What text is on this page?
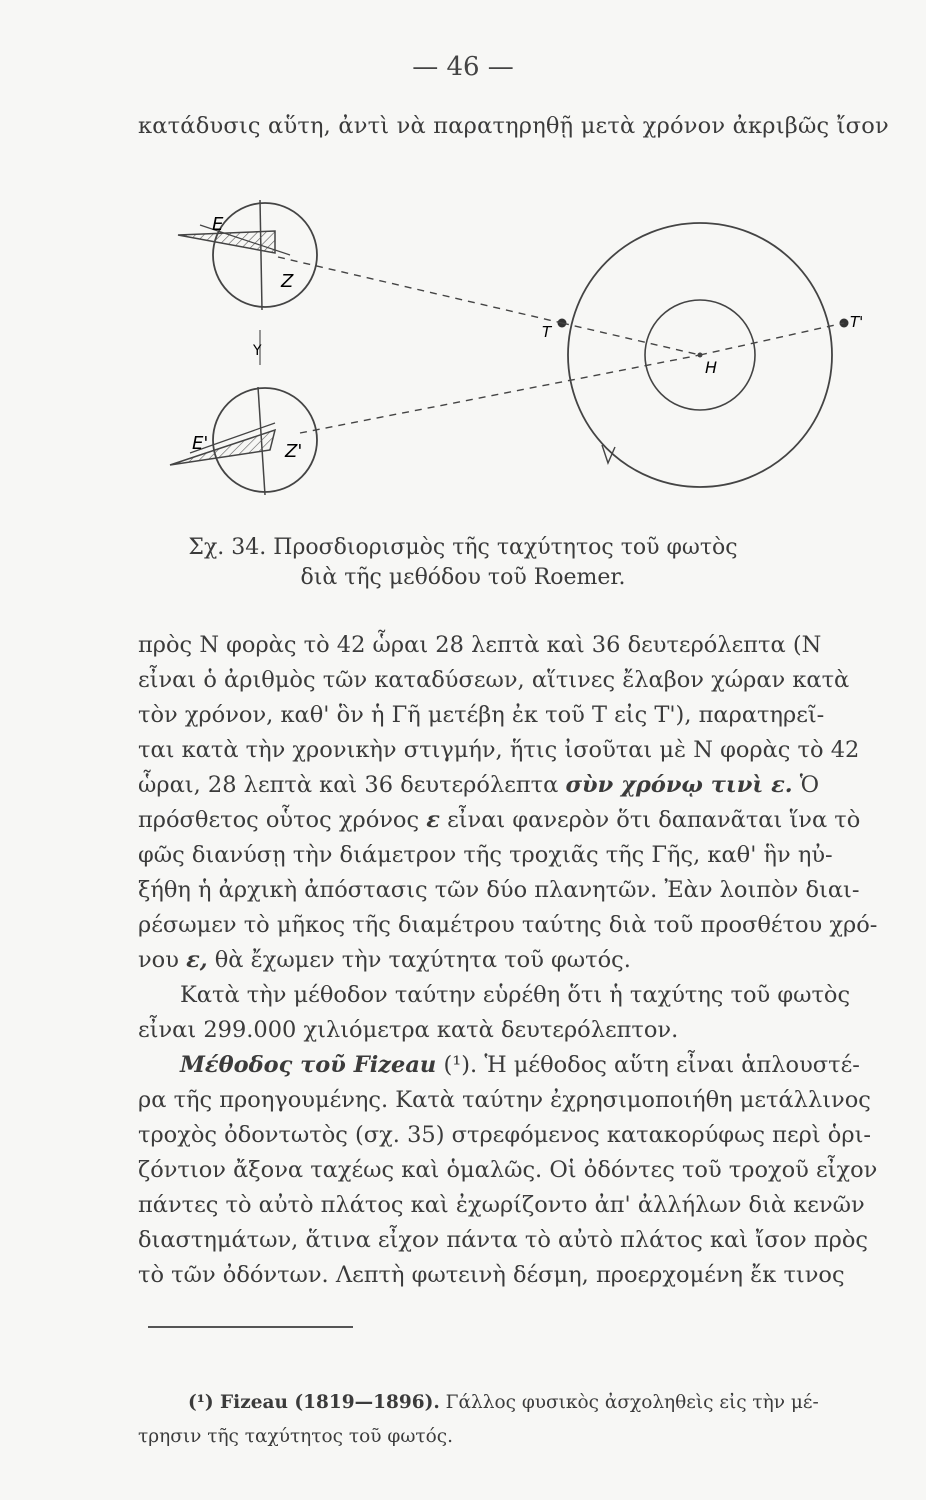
— 46 —
κατάδυσις αὕτη, ἀντὶ νὰ παρατηρηθῇ μετὰ χρόνον ἀκριβῶς ἴσον
E
Z
Y
E'	Z'
H
T
T'
Σχ. 34. Προσδιορισμὸς τῆς ταχύτητος τοῦ φωτὸς
διὰ τῆς μεθόδου τοῦ Roemer.
πρὸς Ν φορὰς τὸ 42 ὧραι 28 λεπτὰ καὶ 36 δευτερόλεπτα (Ν
εἶναι ὁ ἀριθμὸς τῶν καταδύσεων, αἵτινες ἔλαβον χώραν κατὰ
τὸν χρόνον, καθ' ὃν ἡ Γῆ μετέβη ἐκ τοῦ Τ εἰς Τ'), παρατηρεῖ-
ται κατὰ τὴν χρονικὴν στιγμήν, ἥτις ἰσοῦται μὲ Ν φορὰς τὸ 42
ὧραι, 28 λεπτὰ καὶ 36 δευτερόλεπτα σὺν χρόνῳ τινὶ ε. Ὁ
πρόσθετος οὗτος χρόνος ε εἶναι φανερὸν ὅτι δαπανᾶται ἵνα τὸ
φῶς διανύσῃ τὴν διάμετρον τῆς τροχιᾶς τῆς Γῆς, καθ' ἣν ηὐ-
ξήθη ἡ ἀρχικὴ ἀπόστασις τῶν δύο πλανητῶν. Ἐὰν λοιπὸν διαι-
ρέσωμεν τὸ μῆκος τῆς διαμέτρου ταύτης διὰ τοῦ προσθέτου χρό-
νου ε, θὰ ἔχωμεν τὴν ταχύτητα τοῦ φωτός.
Κατὰ τὴν μέθοδον ταύτην εὑρέθη ὅτι ἡ ταχύτης τοῦ φωτὸς
εἶναι 299.000 χιλιόμετρα κατὰ δευτερόλεπτον.
Μέθοδος τοῦ Fizeau (¹). Ἡ μέθοδος αὕτη εἶναι ἁπλουστέ-
ρα τῆς προηγουμένης. Κατὰ ταύτην ἐχρησιμοποιήθη μετάλλινος
τροχὸς ὀδοντωτὸς (σχ. 35) στρεφόμενος κατακορύφως περὶ ὁρι-
ζόντιον ἄξονα ταχέως καὶ ὁμαλῶς. Οἱ ὀδόντες τοῦ τροχοῦ εἶχον
πάντες τὸ αὐτὸ πλάτος καὶ ἐχωρίζοντο ἀπ' ἀλλήλων διὰ κενῶν
διαστημάτων, ἅτινα εἶχον πάντα τὸ αὐτὸ πλάτος καὶ ἴσον πρὸς
τὸ τῶν ὀδόντων. Λεπτὴ φωτεινὴ δέσμη, προερχομένη ἔκ τινος
(¹) Fizeau (1819—1896). Γάλλος φυσικὸς ἀσχοληθεὶς εἰς τὴν μέ-
τρησιν τῆς ταχύτητος τοῦ φωτός.
